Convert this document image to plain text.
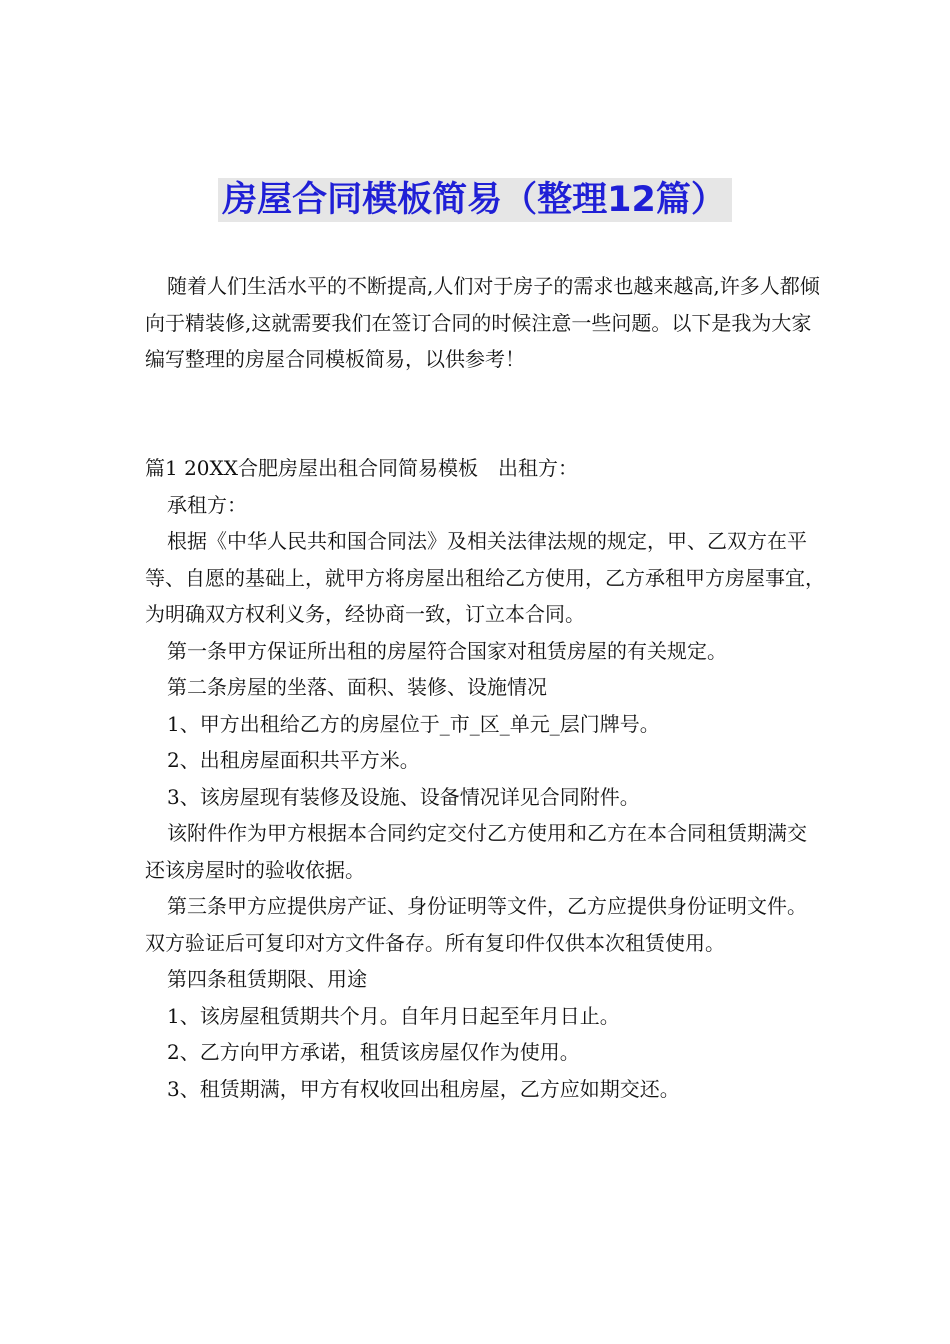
房屋合同模板简易（整理12篇）

随着人们生活水平的不断提高,人们对于房子的需求也越来越高,许多人都倾向于精装修,这就需要我们在签订合同的时候注意一些问题。以下是我为大家编写整理的房屋合同模板简易，以供参考！

篇1 20XX合肥房屋出租合同简易模板　出租方：

承租方：

根据《中华人民共和国合同法》及相关法律法规的规定，甲、乙双方在平等、自愿的基础上，就甲方将房屋出租给乙方使用，乙方承租甲方房屋事宜，为明确双方权利义务，经协商一致，订立本合同。

第一条甲方保证所出租的房屋符合国家对租赁房屋的有关规定。

第二条房屋的坐落、面积、装修、设施情况

1、甲方出租给乙方的房屋位于_市_区_单元_层门牌号。

2、出租房屋面积共平方米。

3、该房屋现有装修及设施、设备情况详见合同附件。

该附件作为甲方根据本合同约定交付乙方使用和乙方在本合同租赁期满交还该房屋时的验收依据。

第三条甲方应提供房产证、身份证明等文件，乙方应提供身份证明文件。双方验证后可复印对方文件备存。所有复印件仅供本次租赁使用。

第四条租赁期限、用途

1、该房屋租赁期共个月。自年月日起至年月日止。

2、乙方向甲方承诺，租赁该房屋仅作为使用。

3、租赁期满，甲方有权收回出租房屋，乙方应如期交还。
